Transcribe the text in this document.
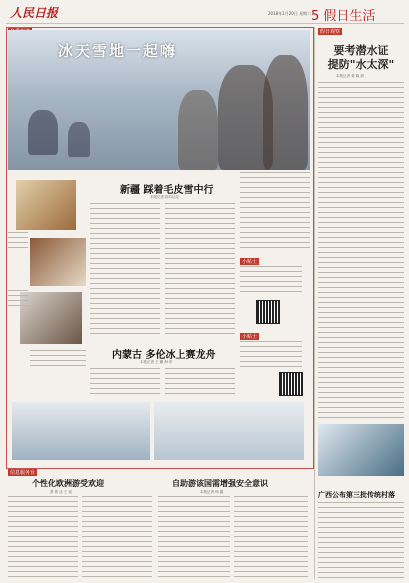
人民日报	2018年1月20日 星期六 5 假日生活
冰天雪地一起嗨
新疆 踩着毛皮雪中行
本报记者 阿尔达克
小贴士
小贴士
内蒙古 多伦冰上赛龙舟
本报记者 王 鹏 海 岸
信息服务台
个性化欧洲游受欢迎
蔡 敦 达 王 瑶
自助游该国需增强安全意识
本报记者 杨 翼
假日观察
要考潜水证
提防"水太深"
本报记者 姜 晓 丽
广西公布第三批传统村落
